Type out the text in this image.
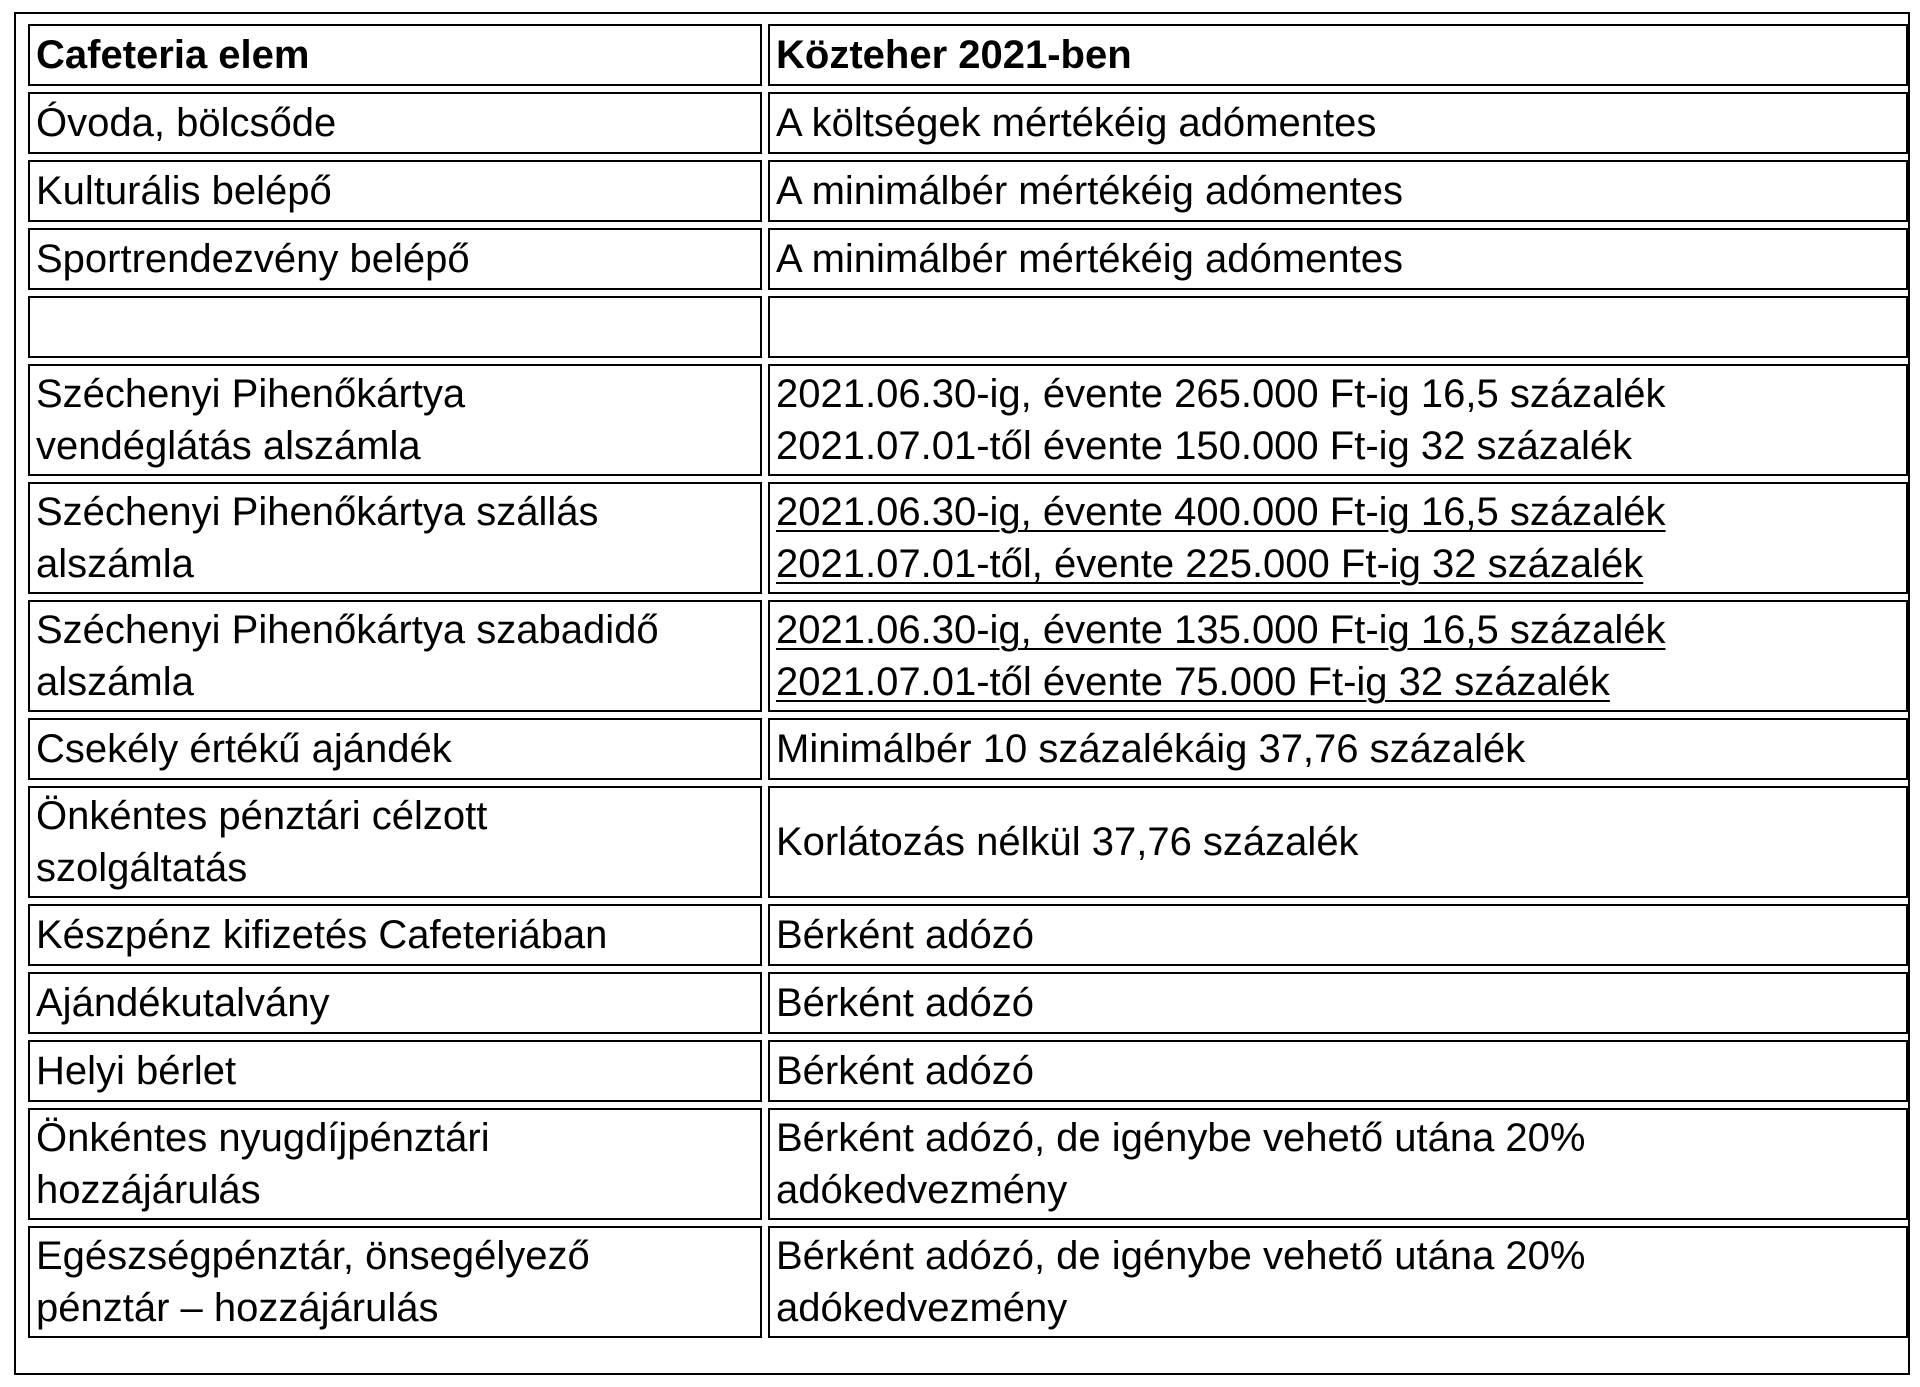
Cafeteria elem	Közteher 2021-ben

Óvoda, bölcsőde	A költségek mértékéig adómentes

Kulturális belépő	A minimálbér mértékéig adómentes

Sportrendezvény belépő	A minimálbér mértékéig adómentes

Széchenyi Pihenőkártya
vendéglátás alszámla	2021.06.30-ig, évente 265.000 Ft-ig 16,5 százalék
2021.07.01-től évente 150.000 Ft-ig 32 százalék

Széchenyi Pihenőkártya szállás
alszámla	2021.06.30-ig, évente 400.000 Ft-ig 16,5 százalék
2021.07.01-től, évente 225.000 Ft-ig 32 százalék

Széchenyi Pihenőkártya szabadidő
alszámla	2021.06.30-ig, évente 135.000 Ft-ig 16,5 százalék
2021.07.01-től évente 75.000 Ft-ig 32 százalék

Csekély értékű ajándék	Minimálbér 10 százalékáig 37,76 százalék

Önkéntes pénztári célzott
szolgáltatás	Korlátozás nélkül 37,76 százalék

Készpénz kifizetés Cafeteriában	Bérként adózó

Ajándékutalvány	Bérként adózó

Helyi bérlet	Bérként adózó

Önkéntes nyugdíjpénztári
hozzájárulás	Bérként adózó, de igénybe vehető utána 20%
adókedvezmény

Egészségpénztár, önsegélyező
pénztár – hozzájárulás	Bérként adózó, de igénybe vehető utána 20%
adókedvezmény
